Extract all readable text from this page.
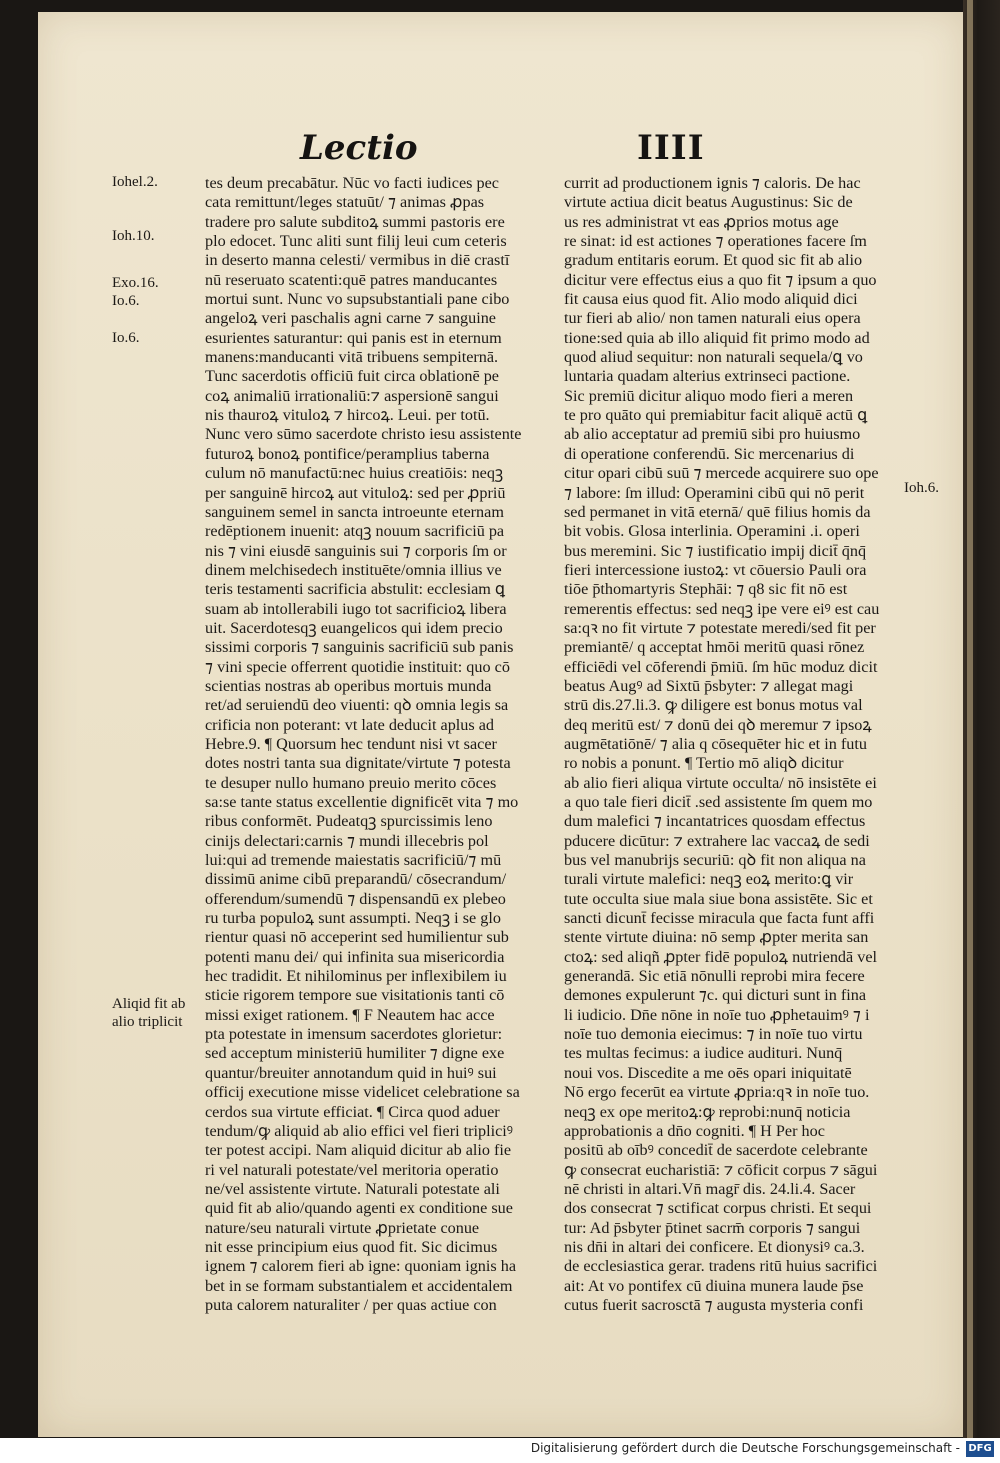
Lectio	IIII
tes deum precabātur. Nūc vo facti iudices pec
cata remittunt/leges statuūt/ ⁊ animas ꝓpas
tradere pro salute subditoꝝ summi pastoris ere
plo edocet. Tunc aliti sunt filij leui cum ceteris
in deserto manna celesti/ vermibus in diē crastī
nū reseruato scatenti:quē patres manducantes
mortui sunt. Nunc vo supsubstantiali pane cibo
angeloꝝ veri paschalis agni carne ⁊ sanguine
esurientes saturantur: qui panis est in eternum
manens:manducanti vitā tribuens sempiternā.
Tunc sacerdotis officiū fuit circa oblationē pe
coꝝ animaliū irrationaliū:⁊ aspersionē sangui
nis thauroꝝ vituloꝝ ⁊ hircoꝝ. Leui. per totū.
Nunc vero sūmo sacerdote christo iesu assistente
futuroꝝ bonoꝝ pontifice/peramplius taberna
culum nō manufactū:nec huius creatiōis: neqꝫ
per sanguinē hircoꝝ aut vituloꝝ: sed per ꝓpriū
sanguinem semel in sancta introeunte eternam
redēptionem inuenit: atqꝫ nouum sacrificiū pa
nis ⁊ vini eiusdē sanguinis sui ⁊ corporis ſm or
dinem melchisedech instituēte/omnia illius ve
teris testamenti sacrificia abstulit: ecclesiam ꝗ
suam ab intollerabili iugo tot sacrificioꝝ libera
uit. Sacerdotesqꝫ euangelicos qui idem precio
sissimi corporis ⁊ sanguinis sacrificiū sub panis
⁊ vini specie offerrent quotidie instituit: quo cō
scientias nostras ab operibus mortuis munda
ret/ad seruiendū deo viuenti: qꝺ omnia legis sa
crificia non poterant: vt late deducit aplus ad
Hebre.9. ¶ Quorsum hec tendunt nisi vt sacer
dotes nostri tanta sua dignitate/virtute ⁊ potesta
te desuper nullo humano preuio merito cōces
sa:se tante status excellentie dignificēt vita ⁊ mo
ribus conformēt. Pudeatqꝫ spurcissimis leno
cinijs delectari:carnis ⁊ mundi illecebris pol
lui:qui ad tremende maiestatis sacrificiū/⁊ mū
dissimū anime cibū preparandū/ cōsecrandum/
offerendum/sumendū ⁊ dispensandū ex plebeo
ru turba populoꝝ sunt assumpti. Neqꝫ i se glo
rientur quasi nō acceperint sed humilientur sub
potenti manu dei/ qui infinita sua misericordia
hec tradidit. Et nihilominus per inflexibilem iu
sticie rigorem tempore sue visitationis tanti cō
missi exiget rationem. ¶ F Neautem hac acce
pta potestate in imensum sacerdotes glorietur:
sed acceptum ministeriū humiliter ⁊ digne exe
quantur/breuiter annotandum quid in huiꝰ sui
officij executione misse videlicet celebratione sa
cerdos sua virtute efficiat. ¶ Circa quod aduer
tendum/ꝙ aliquid ab alio effici vel fieri tripliciꝰ
ter potest accipi. Nam aliquid dicitur ab alio fie
ri vel naturali potestate/vel meritoria operatio
ne/vel assistente virtute. Naturali potestate ali
quid fit ab alio/quando agenti ex conditione sue
nature/seu naturali virtute ꝓprietate conue
nit esse principium eius quod fit. Sic dicimus
ignem ⁊ calorem fieri ab igne: quoniam ignis ha
bet in se formam substantialem et accidentalem
puta calorem naturaliter / per quas actiue con
currit ad productionem ignis ⁊ caloris. De hac
virtute actiua dicit beatus Augustinus: Sic de
us res administrat vt eas ꝓprios motus age
re sinat: id est actiones ⁊ operationes facere ſm
gradum entitaris eorum. Et quod sic fit ab alio
dicitur vere effectus eius a quo fit ⁊ ipsum a quo
fit causa eius quod fit. Alio modo aliquid dici
tur fieri ab alio/ non tamen naturali eius opera
tione:sed quia ab illo aliquid fit primo modo ad
quod aliud sequitur: non naturali sequela/ꝗ vo
luntaria quadam alterius extrinseci pactione.
Sic premiū dicitur aliquo modo fieri a meren
te pro quāto qui premiabitur facit aliquē actū ꝗ
ab alio acceptatur ad premiū sibi pro huiusmo
di operatione conferendū. Sic mercenarius di
citur opari cibū suū ⁊ mercede acquirere suo ope
⁊ labore: ſm illud: Operamini cibū qui nō perit
sed permanet in vitā eternā/ quē filius homis da
bit vobis. Glosa interlinia. Operamini .i. operi
bus meremini. Sic ⁊ iustificatio impij dicit̄ q̄nq̄
fieri intercessione iustoꝝ: vt cōuersio Pauli ora
tiōe p̄thomartyris Stephāi: ⁊ q8 sic fit nō est
remerentis effectus: sed neqꝫ ipe vere eiꝰ est cau
sa:qꝛ no fit virtute ⁊ potestate meredi/sed fit per
premiantē/ q acceptat hmōi meritū quasi rōnez
efficiēdi vel cōferendi p̄miū. ſm hūc moduz dicit
beatus Augꝰ ad Sixtū p̄sbyter: ⁊ allegat magi
strū dis.27.li.3. ꝙ diligere est bonus motus val
deq meritū est/ ⁊ donū dei qꝺ meremur ⁊ ipsoꝝ
augmētatiōnē/ ⁊ alia q cōsequēter hic et in futu
ro nobis a ponunt. ¶ Tertio mō aliqꝺ dicitur
ab alio fieri aliqua virtute occulta/ nō insistēte ei
a quo tale fieri dicit̄ .sed assistente ſm quem mo
dum malefici ⁊ incantatrices quosdam effectus
pducere dicūtur: ⁊ extrahere lac vaccaꝝ de sedi
bus vel manubrijs securiū: qꝺ fit non aliqua na
turali virtute malefici: neqꝫ eoꝝ merito:ꝗ vir
tute occulta siue mala siue bona assistēte. Sic et
sancti dicunt̄ fecisse miracula que facta funt affi
stente virtute diuina: nō semp ꝓpter merita san
ctoꝝ: sed aliqñ ꝓpter fidē populoꝝ nutriendā vel
generandā. Sic etiā nōnulli reprobi mira fecere
demones expulerunt ⁊c. qui dicturi sunt in fina
li iudicio. Dn̄e nōne in noīe tuo ꝓphetauimꝰ ⁊ i
noīe tuo demonia eiecimus: ⁊ in noīe tuo virtu
tes multas fecimus: a iudice audituri. Nunq̄
noui vos. Discedite a me oēs opari iniquitatē
Nō ergo fecerūt ea virtute ꝓpria:qꝛ in noīe tuo.
neqꝫ ex ope meritoꝝ:ꝙ reprobi:nunq̄ noticia
approbationis a dn̄o cogniti. ¶ H Per hoc
positū ab oībꝰ concedit̄ de sacerdote celebrante
ꝙ consecrat eucharistiā: ⁊ cōficit corpus ⁊ sāgui
nē christi in altari.Vn̄ magr̄ dis. 24.li.4. Sacer
dos consecrat ⁊ sctificat corpus christi. Et sequi
tur: Ad p̄sbyter p̄tinet sacrm̄ corporis ⁊ sangui
nis dn̄i in altari dei conficere. Et dionysiꝰ ca.3.
de ecclesiastica gerar. tradens ritū huius sacrifici
ait: At vo pontifex cū diuina munera laude p̄se
cutus fuerit sacrosctā ⁊ augusta mysteria confi
Iohel.2.
Ioh.10.
Exo.16.
Io.6.
Io.6.
Aliqid fit ab
alio triplicit
Ioh.6.
Digitalisierung gefördert durch die Deutsche Forschungsgemeinschaft - DFG
